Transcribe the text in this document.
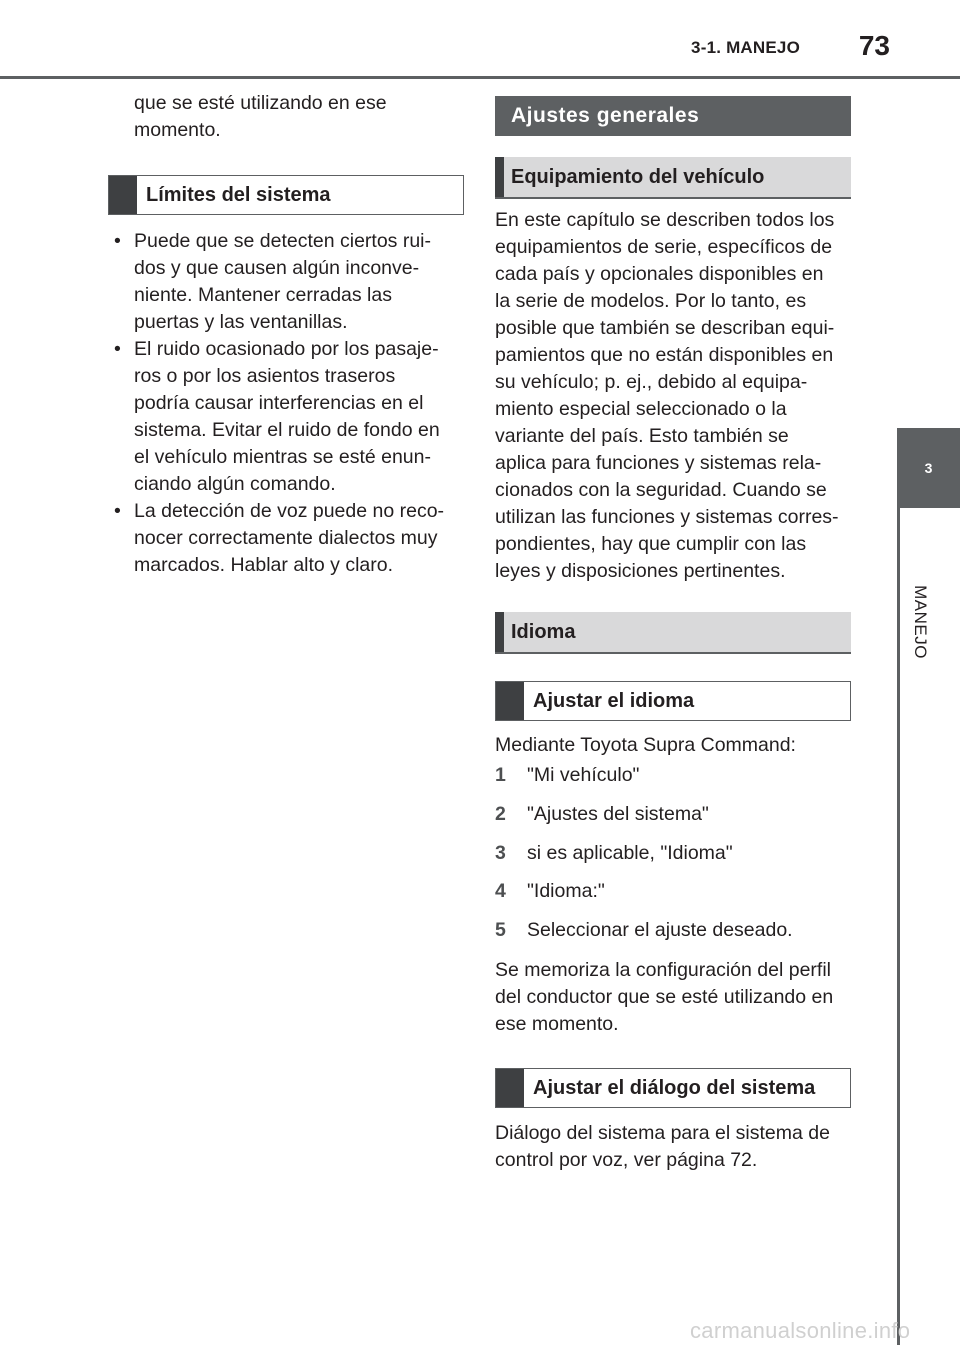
3-1. MANEJO	73
3
MANEJO
que se esté utilizando en ese
momento.
Límites del sistema
• Puede que se detecten ciertos rui-
dos y que causen algún inconve-
niente. Mantener cerradas las
puertas y las ventanillas.
• El ruido ocasionado por los pasaje-
ros o por los asientos traseros
podría causar interferencias en el
sistema. Evitar el ruido de fondo en
el vehículo mientras se esté enun-
ciando algún comando.
• La detección de voz puede no reco-
nocer correctamente dialectos muy
marcados. Hablar alto y claro.
Ajustes generales
Equipamiento del vehículo
En este capítulo se describen todos los
equipamientos de serie, específicos de
cada país y opcionales disponibles en
la serie de modelos. Por lo tanto, es
posible que también se describan equi-
pamientos que no están disponibles en
su vehículo; p. ej., debido al equipa-
miento especial seleccionado o la
variante del país. Esto también se
aplica para funciones y sistemas rela-
cionados con la seguridad. Cuando se
utilizan las funciones y sistemas corres-
pondientes, hay que cumplir con las
leyes y disposiciones pertinentes.
Idioma
Ajustar el idioma
Mediante Toyota Supra Command:
1 "Mi vehículo"
2 "Ajustes del sistema"
3 si es aplicable, "Idioma"
4 "Idioma:"
5 Seleccionar el ajuste deseado.
Se memoriza la configuración del perfil
del conductor que se esté utilizando en
ese momento.
Ajustar el diálogo del sistema
Diálogo del sistema para el sistema de
control por voz, ver página 72.
carmanualsonline.info
